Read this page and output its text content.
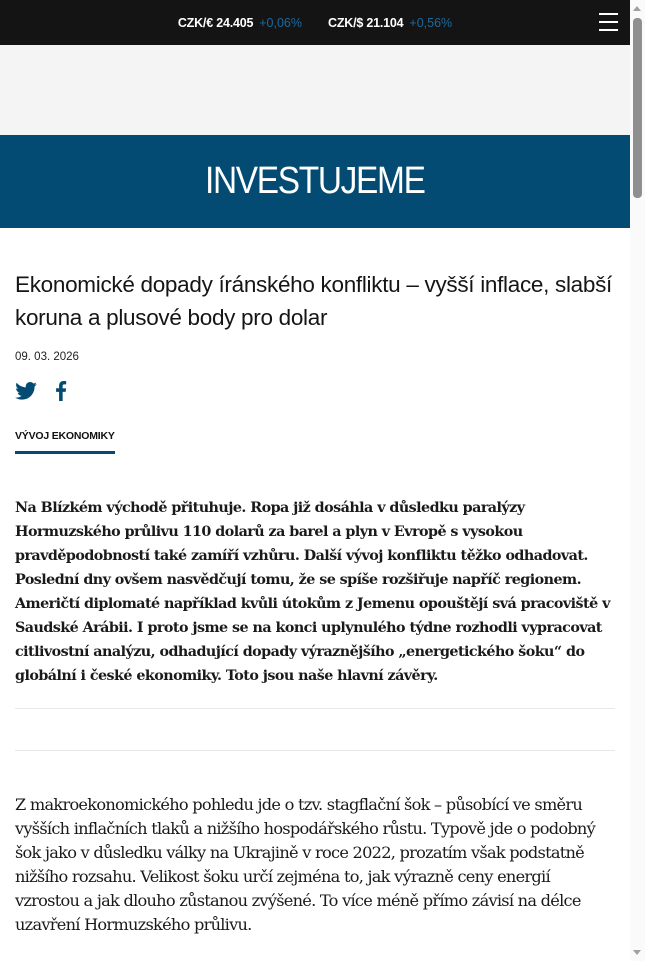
CZK/€ 24.405 +0,06% CZK/$ 21.104 +0,56%
INVESTUJEME
Ekonomické dopady íránského konfliktu – vyšší inflace, slabší koruna a plusové body pro dolar
09. 03. 2026
VÝVOJ EKONOMIKY

Na Blízkém východě přituhuje. Ropa již dosáhla v důsledku paralýzy Hormuzského průlivu 110 dolarů za barel a plyn v Evropě s vysokou pravděpodobností také zamíří vzhůru. Další vývoj konfliktu těžko odhadovat. Poslední dny ovšem nasvědčují tomu, že se spíše rozšiřuje napříč regionem. Američtí diplomaté například kvůli útokům z Jemenu opouštějí svá pracoviště v Saudské Arábii. I proto jsme se na konci uplynulého týdne rozhodli vypracovat citlivostní analýzu, odhadující dopady výraznějšího „energetického šoku“ do globální i české ekonomiky. Toto jsou naše hlavní závěry.

Z makroekonomického pohledu jde o tzv. stagflační šok – působící ve směru vyšších inflačních tlaků a nižšího hospodářského růstu. Typově jde o podobný šok jako v důsledku války na Ukrajině v roce 2022, prozatím však podstatně nižšího rozsahu. Velikost šoku určí zejména to, jak výrazně ceny energií vzrostou a jak dlouho zůstanou zvýšené. To více méně přímo závisí na délce uzavření Hormuzského průlivu.
